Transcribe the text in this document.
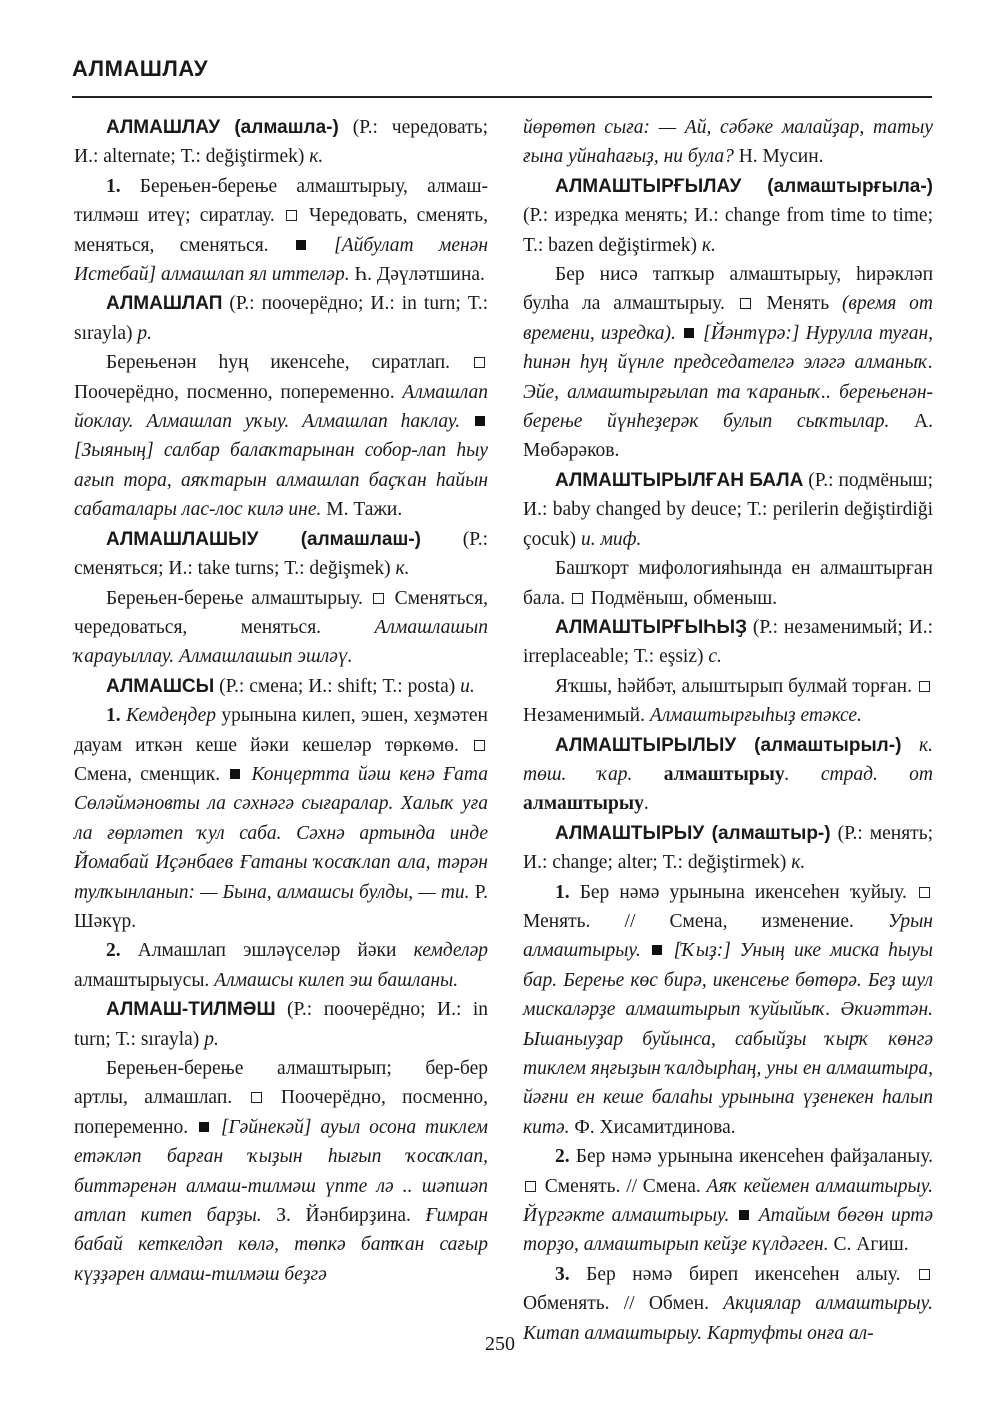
АЛМАШЛАУ

АЛМАШЛАУ (алмашла-) (Р.: чередовать; И.: alternate; Т.: değiştirmek) к.

1. Берењен-берење алмаштырыу, алмаш-тилмәш итеү; сиратлау.  Чередовать, сменять, меняться, сменяться.  [Айбулат менән Истебай] алмашлап ял иттеләр. Һ. Дәүләтшина.

АЛМАШЛАП (Р.: поочерёдно; И.: in turn; Т.: sırayla) р.

Берењенән һуң икенсеһе, сиратлап.  Поочерёдно, посменно, попеременно. Алмашлап йоклау. Алмашлап уҡыу. Алмашлап һаклау.  [Зыяныӊ] салбар балаҡтарынан собор-лап һыу ағып тора, аяҡтарын алмашлап баҫҡан һайын сабаталары лас-лос килә ине. М. Тажи.

АЛМАШЛАШЫУ (алмашлаш-) (Р.: сменяться; И.: take turns; Т.: değişmek) к.

Берењен-берење алмаштырыу.  Сменяться, чередоваться, меняться. Алмашлашып ҡарауыллау. Алмашлашып эшләү.

АЛМАШСЫ (Р.: смена; И.: shift; Т.: posta) и.

1. Кемдеӊдер урынына килеп, эшен, хеҙмәтен дауам иткән кеше йәки кешеләр төркөмө.  Смена, сменщик.  Концертта йәш кенә Ғата Сөләймәновты ла сәхнәгә сығаралар. Халыҡ уға ла ғөрләтеп ҡул саба. Сәхнә артында инде Йомабай Иҫәнбаев Ғатаны ҡосаҡлап ала, тәрән тулҡынланып: — Бына, алмашсы булды, — ти. Р. Шәкүр.

2. Алмашлап эшләүселәр йәки кемделәр алмаштырыусы. Алмашсы килеп эш башланы.

АЛМАШ-ТИЛМӘШ (Р.: поочерёдно; И.: in turn; Т.: sırayla) р.

Берењен-берење алмаштырып; бер-бер артлы, алмашлап.  Поочерёдно, посменно, попеременно.  [Гәйнекәй] ауыл осона тиклем етәкләп барған ҡыҙын һығып ҡосаҡлап, биттәренән алмаш-тилмәш үпте лә .. шәпшәп атлап китеп барҙы. З. Йәнбирҙина. Ғимран бабай кеткелдәп көлә, төпкә батҡан сағыр күҙҙәрен алмаш-тилмәш беҙгә

йөрөтөп сыға: — Ай, сәбәке малайҙар, татыу ғына уйнаһағыҙ, ни була? Н. Мусин.

АЛМАШТЫРҒЫЛАУ (алмаштырғыла-) (Р.: изредка менять; И.: change from time to time; Т.: bazen değiştirmek) к.

Бер нисә тапҡыр алмаштырыу, һирәкләп булһа ла алмаштырыу.  Менять (время от времени, изредка).  [Йәнтүрә:] Нурулла туған, һинән һуӊ йүнле председателгә эләгә алманыҡ. Эйе, алмаштырғылап та ҡараныҡ.. берењенән-берење йүнһеҙерәк булып сыҡтылар. А. Мөбәрәков.

АЛМАШТЫРЫЛҒАН БАЛА (Р.: подмёныш; И.: baby changed by deuce; Т.: perilerin değiştirdiği çocuk) и. миф.

Башҡорт мифологияһында ен алмаштырған бала.  Подмёныш, обменыш.

АЛМАШТЫРҒЫҺЫҘ (Р.: незаменимый; И.: irreplaceable; Т.: eşsiz) с.

Яҡшы, һәйбәт, алыштырып булмай торған.  Незаменимый. Алмаштырғыһыҙ етәксе.

АЛМАШТЫРЫЛЫУ (алмаштырыл-) к. төш. ҡар. алмаштырыу. страд. от алмаштырыу.

АЛМАШТЫРЫУ (алмаштыр-) (Р.: менять; И.: change; alter; Т.: değiştirmek) к.

1. Бер нәмә урынына икенсеһен ҡуйыу.  Менять. // Смена, изменение. Урын алмаштырыу.  [Ҡыҙ:] Уныӊ ике миска һыуы бар. Берење көс бирә, икенсење бөтөрә. Беҙ шул мискаләрҙе алмаштырып ҡуйыйыҡ. Әкиәттән. Ышаныуҙар буйынса, сабыйҙы ҡырҡ көнгә тиклем яӊғыҙын ҡалдырһаӊ, уны ен алмаштыра, йәғни ен кеше балаһы урынына үҙенекен һалып китә. Ф. Хисамитдинова.

2. Бер нәмә урынына икенсеһен файҙаланыу.  Сменять. // Смена. Аяҡ кейемен алмаштырыу. Йүргәкте алмаштырыу.  Атайым бөгөн иртә торҙо, алмаштырып кейҙе күлдәген. С. Агиш.

3. Бер нәмә биреп икенсеһен алыу.  Обменять. // Обмен. Акциялар алмаштырыу. Китап алмаштырыу. Картуфты онға ал-

250
